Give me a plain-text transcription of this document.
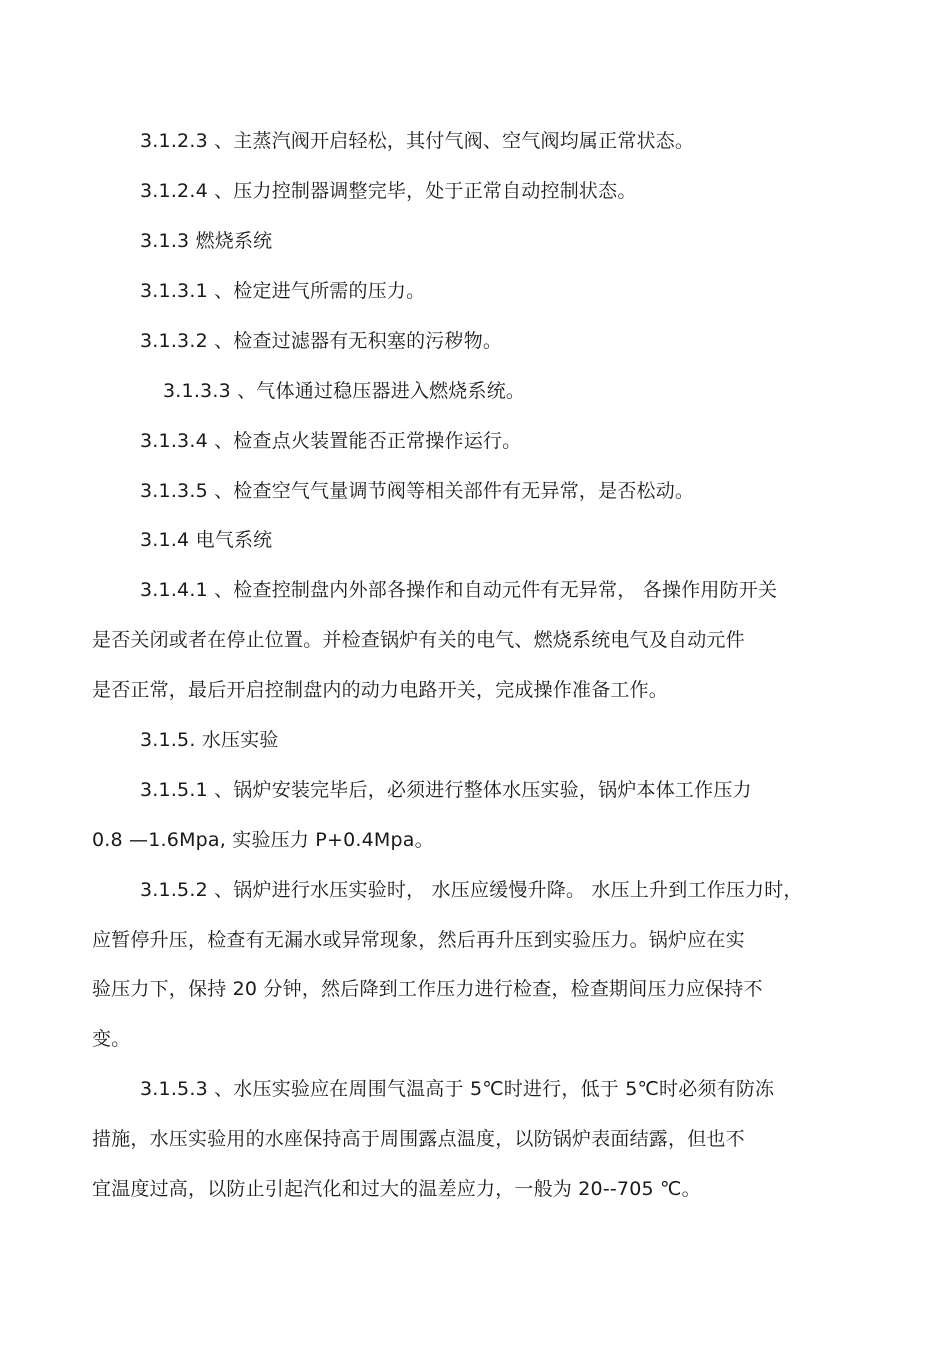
3.1.2.3 、主蒸汽阀开启轻松，其付气阀、空气阀均属正常状态。
3.1.2.4 、压力控制器调整完毕，处于正常自动控制状态。
3.1.3 燃烧系统
3.1.3.1 、检定进气所需的压力。
3.1.3.2 、检查过滤器有无积塞的污秽物。
3.1.3.3 、气体通过稳压器进入燃烧系统。
3.1.3.4 、检查点火装置能否正常操作运行。
3.1.3.5 、检查空气气量调节阀等相关部件有无异常，是否松动。
3.1.4 电气系统
3.1.4.1 、检查控制盘内外部各操作和自动元件有无异常， 各操作用防开关
是否关闭或者在停止位置。并检查锅炉有关的电气、燃烧系统电气及自动元件
是否正常，最后开启控制盘内的动力电路开关，完成操作准备工作。
3.1.5. 水压实验
3.1.5.1 、锅炉安装完毕后，必须进行整体水压实验，锅炉本体工作压力
0.8 —1.6Mpa, 实验压力 P+0.4Mpa。
3.1.5.2 、锅炉进行水压实验时， 水压应缓慢升降。 水压上升到工作压力时，
应暂停升压，检查有无漏水或异常现象，然后再升压到实验压力。锅炉应在实
验压力下，保持 20 分钟，然后降到工作压力进行检查，检查期间压力应保持不
变。
3.1.5.3 、水压实验应在周围气温高于 5℃时进行，低于 5℃时必须有防冻
措施，水压实验用的水座保持高于周围露点温度，以防锅炉表面结露，但也不
宜温度过高，以防止引起汽化和过大的温差应力，一般为 20--705 ℃。
